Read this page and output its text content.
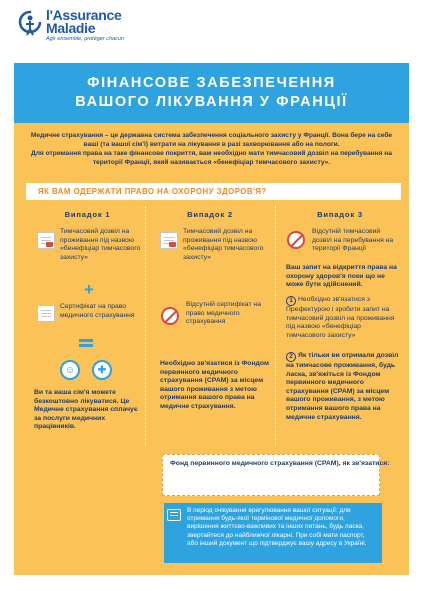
l'Assurance
Maladie
Agir ensemble, protéger chacun
ФІНАНСОВЕ ЗАБЕЗПЕЧЕННЯ
ВАШОГО ЛІКУВАННЯ У ФРАНЦІЇ

Медичне страхування – це державна система забезпечення соціального захисту у Франції. Вона бере на себе ваші (та вашої сім'ї) витрати на лікування в разі захворювання або на пологи.

Для отримання права на таке фінансове покриття, вам необхідно мати тимчасовий дозвіл на перебування на території Франції, який називається «бенефіціар тимчасового захисту».

ЯК ВАМ ОДЕРЖАТИ ПРАВО НА ОХОРОНУ ЗДОРОВ'Я?
Випадок 1	Випадок 2	Випадок 3
Тимчасовий дозвіл на проживання під назвою «бенефіціар тимчасового захисту»
+
Сертифікат на право медичного страхування
☺	✚
Ви та ваша сім'я можете безкоштовно лікуватися. Це Медичне страхування сплачує за послуги медичних працівників.
Тимчасовий дозвіл на проживання під назвою «бенефіціар тимчасового захисту»
Відсутній сертифікат на право медичного страхування
Необхідно зв'язатися із Фондом первинного медичного страхування (CPAM) за місцем вашого проживання з метою отримання вашого права на медичне страхування.
Відсутній тимчасовий дозвіл на перебування на території Франції
Ваш запит на відкриття права на охорону здоров'я поки що не може бути здійснений.
1 Необхідно зв'язатися з Префектурою і зробити запит на тимчасовий дозвіл на проживання під назвою «бенефіціар тимчасового захисту»
2 Як тільки ви отримали дозвіл на тимчасове проживання, будь ласка, зв'яжіться із Фондом первинного медичного страхування (CPAM) за місцем вашого проживання, з метою отримання вашого права на медичне страхування.
Фонд первинного медичного страхування (CPAM), як зв'язатися:
В період очікування врегулювання вашої ситуації: для отримання будь-якої термінової медичної допомоги, вирішення життєво-важливих та інших питань, будь ласка, звертайтеся до найближчої лікарні. При собі мати паспорт, або інший документ що підтверджує вашу адресу в Україні.
